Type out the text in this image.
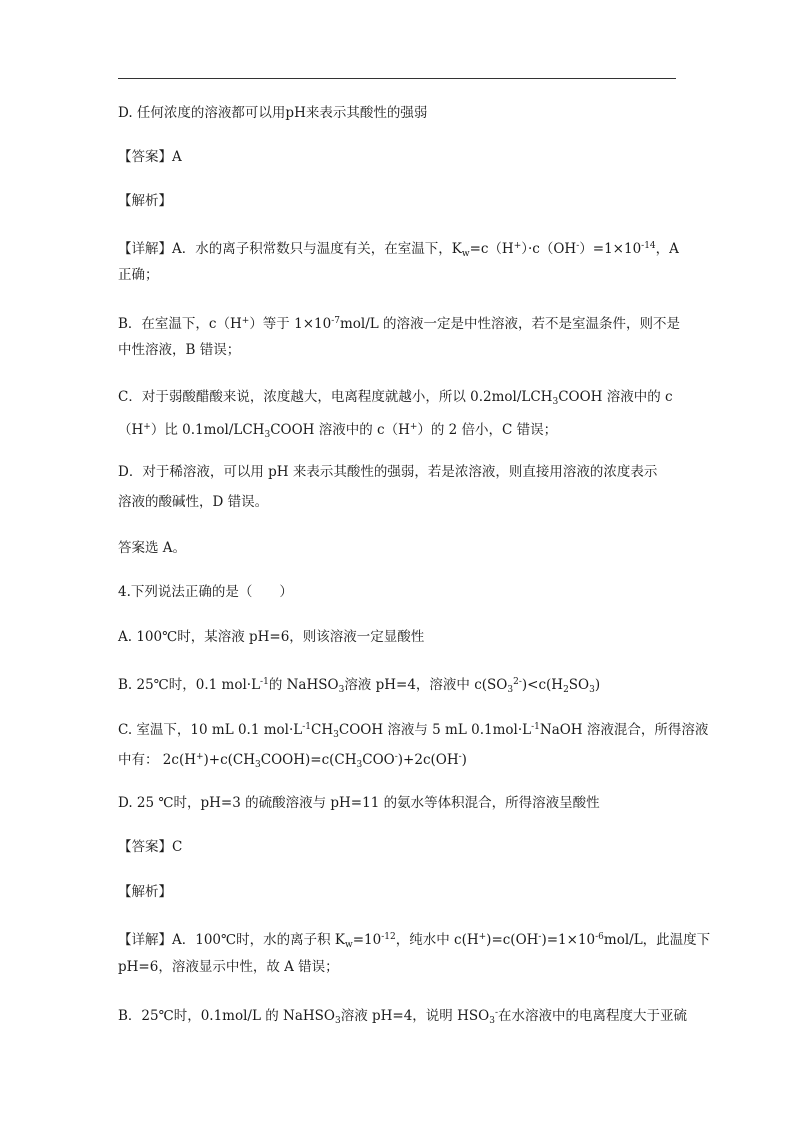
D. 任何浓度的溶液都可以用pH来表示其酸性的强弱
【答案】A
【解析】
【详解】A．水的离子积常数只与温度有关，在室温下，$K_w=c(H^+)\cdot c(OH^-)=1\times 10^{-14}$，A
正确；
B．在室温下，c（H+）等于 $1\times 10^{-7}mol/L$ 的溶液一定是中性溶液，若不是室温条件，则不是
中性溶液，B 错误；
C．对于弱酸醋酸来说，浓度越大，电离程度就越小，所以 $0.2mol/LCH_3COOH$ 溶液中的 c
（H+）比 $0.1mol/LCH_3COOH$ 溶液中的 c（H+）的 2 倍小，C 错误；
D．对于稀溶液，可以用 pH 来表示其酸性的强弱，若是浓溶液，则直接用溶液的浓度表示
溶液的酸碱性，D 错误。
答案选 A。
4.下列说法正确的是（　　）
A. 100℃时，某溶液 pH=6，则该溶液一定显酸性
B. 25℃时，0.1 $mol\cdot L^{-1}$的 NaHSO$_3$溶液 pH=4，溶液中 $c(SO_3^{2-})<c(H_2SO_3)$
C. 室温下，10 mL 0.1 $mol\cdot L^{-1}CH_3COOH$ 溶液与 5 mL $0.1mol\cdot L^{-1}NaOH$ 溶液混合，所得溶液
中有： $2c(H^+)+c(CH_3COOH)=c(CH_3COO^-)+2c(OH^-)$
D. 25 ℃时，pH=3 的硫酸溶液与 pH=11 的氨水等体积混合，所得溶液呈酸性
【答案】C
【解析】
【详解】A．100℃时，水的离子积 $K_w=10^{-12}$，纯水中 $c(H^+)=c(OH^-)=1\times 10^{-6}mol/L$，此温度下
pH=6，溶液显示中性，故 A 错误；
B．25℃时，0.1mol/L 的 NaHSO$_3$溶液 pH=4，说明 $HSO_3^-$在水溶液中的电离程度大于亚硫
